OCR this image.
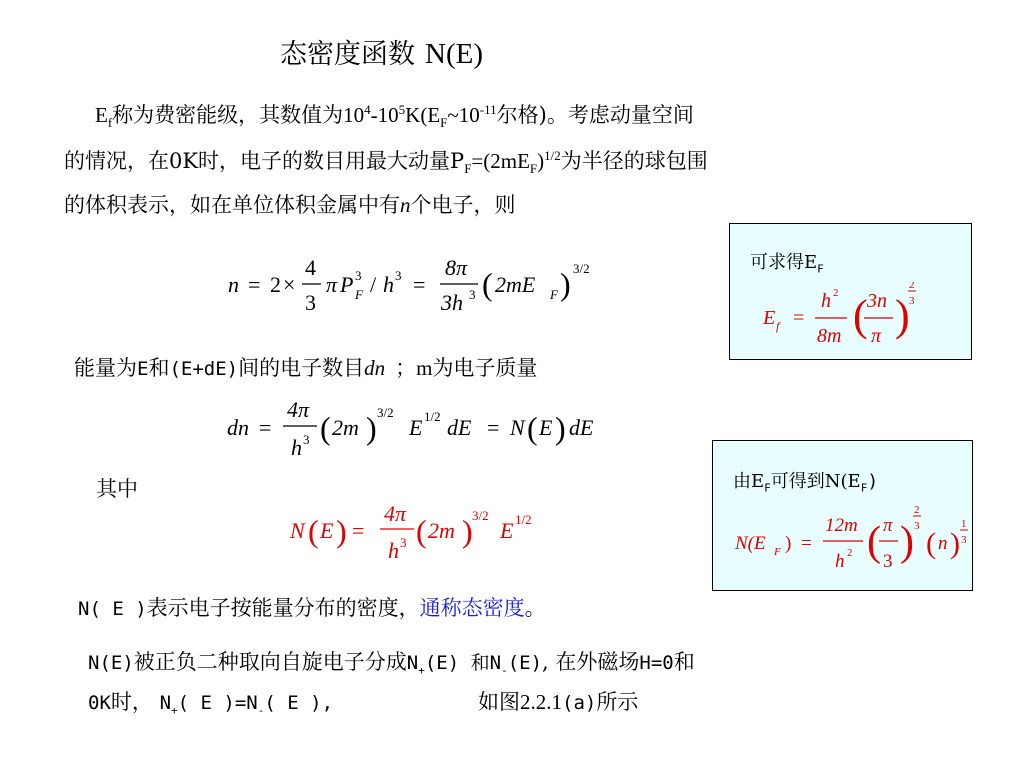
态密度函数 N(E)
$E_f$称为费密能级，其数值为$10^4-10^5K(E_F\sim 10^{-11}$尔格)。考虑动量空间
的情况，在0K时，电子的数目用最大动量$P_F=(2mE_F)^{1/2}$为半径的球包围
的体积表示，如在单位体积金属中有n个电子，则
n = 2 ×
4
3
π P 3
F / h 3 =
8π
3h 3 ( 2mE F ) 3/2	可求得$E_F$
E f =
h 2
8m ( 3n
π )
2
3
能量为E和(E+dE)间的电子数目dn ；m为电子质量
dn =
4π
h 3 ( 2m ) 3/2
E 1/2 dE = N ( E ) dE
其中
N ( E ) =
4π
h 3 ( 2m ) 3/2
E 1/2
由$E_F$可得到$N(E_F)$
N(E F ) =
12m
h 2 ( π
3 )
2
3
( n )
1
3
N( E )表示电子按能量分布的密度，通称态密度。
N(E)被正负二种取向自旋电子分成$N_+(E)$ 和$N_-(E)$, 在外磁场H=0和
0K时， $N_+$( E )$=N_-$( E ),	如图2.2.1(a)所示
